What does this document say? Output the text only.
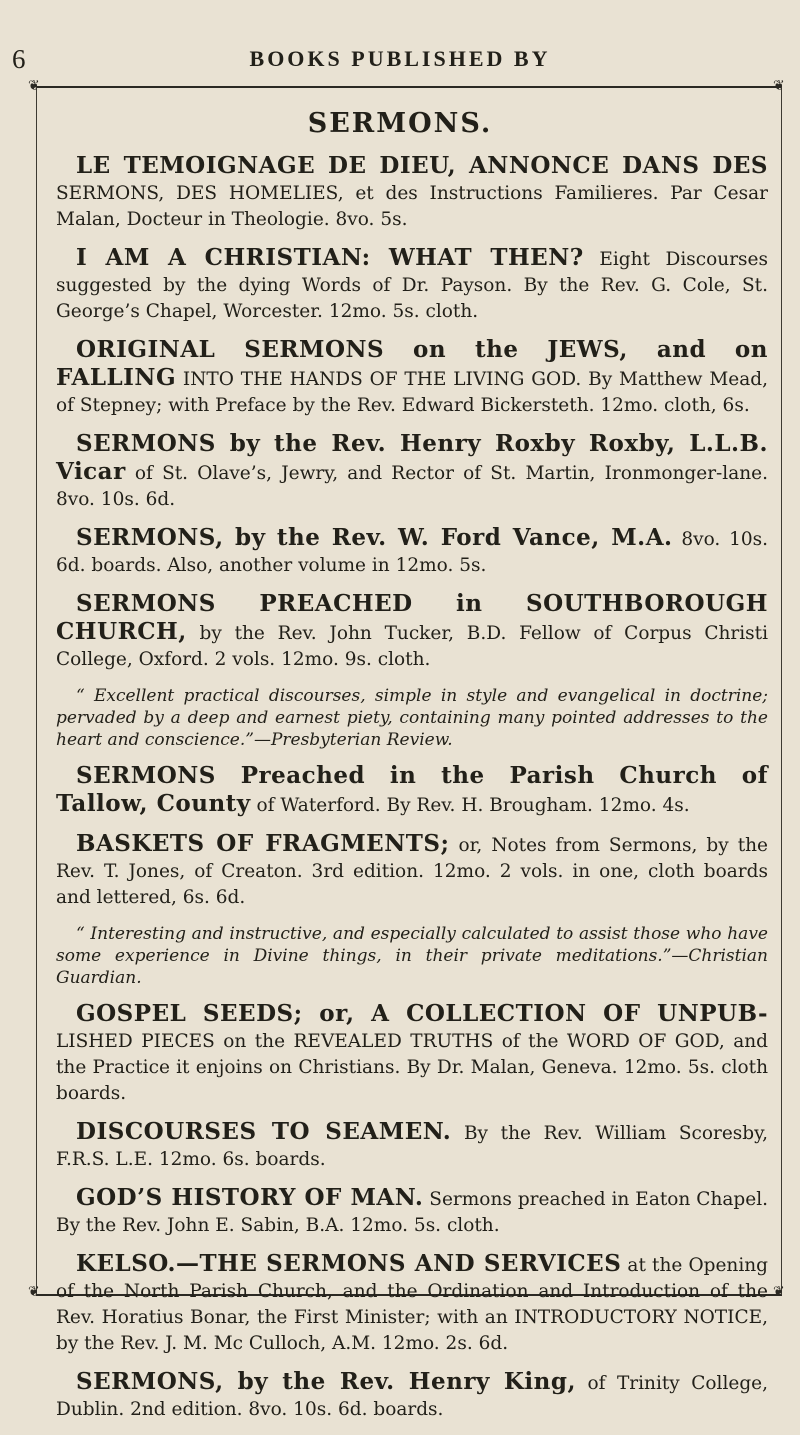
6	BOOKS PUBLISHED BY
❦	❦
❦	❦
SERMONS.

LE TEMOIGNAGE DE DIEU, ANNONCE DANS DES SERMONS, DES HOMELIES, et des Instructions Familieres. Par Cesar Malan, Docteur in Theologie. 8vo. 5s.

I AM A CHRISTIAN: WHAT THEN? Eight Discourses suggested by the dying Words of Dr. Payson. By the Rev. G. Cole, St. George’s Chapel, Worcester. 12mo. 5s. cloth.

ORIGINAL SERMONS on the JEWS, and on FALLING INTO THE HANDS OF THE LIVING GOD. By Matthew Mead, of Stepney; with Preface by the Rev. Edward Bickersteth. 12mo. cloth, 6s.

SERMONS by the Rev. Henry Roxby Roxby, L.L.B. Vicar of St. Olave’s, Jewry, and Rector of St. Martin, Ironmonger-lane. 8vo. 10s. 6d.

SERMONS, by the Rev. W. Ford Vance, M.A. 8vo. 10s. 6d. boards. Also, another volume in 12mo. 5s.

SERMONS PREACHED in SOUTHBOROUGH CHURCH, by the Rev. John Tucker, B.D. Fellow of Corpus Christi College, Oxford. 2 vols. 12mo. 9s. cloth.

“ Excellent practical discourses, simple in style and evangelical in doctrine; pervaded by a deep and earnest piety, containing many pointed addresses to the heart and conscience.”—Presbyterian Review.

SERMONS Preached in the Parish Church of Tallow, County of Waterford. By Rev. H. Brougham. 12mo. 4s.

BASKETS OF FRAGMENTS; or, Notes from Sermons, by the Rev. T. Jones, of Creaton. 3rd edition. 12mo. 2 vols. in one, cloth boards and lettered, 6s. 6d.

“ Interesting and instructive, and especially calculated to assist those who have some experience in Divine things, in their private meditations.”—Christian Guardian.

GOSPEL SEEDS; or, A COLLECTION OF UNPUB- LISHED PIECES on the REVEALED TRUTHS of the WORD OF GOD, and the Practice it enjoins on Christians. By Dr. Malan, Geneva. 12mo. 5s. cloth boards.

DISCOURSES TO SEAMEN. By the Rev. William Scoresby, F.R.S. L.E. 12mo. 6s. boards.

GOD’S HISTORY OF MAN. Sermons preached in Eaton Chapel. By the Rev. John E. Sabin, B.A. 12mo. 5s. cloth.

KELSO.—THE SERMONS AND SERVICES at the Opening of the North Parish Church, and the Ordination and Introduction of the Rev. Horatius Bonar, the First Minister; with an INTRODUCTORY NOTICE, by the Rev. J. M. Mc Culloch, A.M. 12mo. 2s. 6d.

SERMONS, by the Rev. Henry King, of Trinity College, Dublin. 2nd edition. 8vo. 10s. 6d. boards.
